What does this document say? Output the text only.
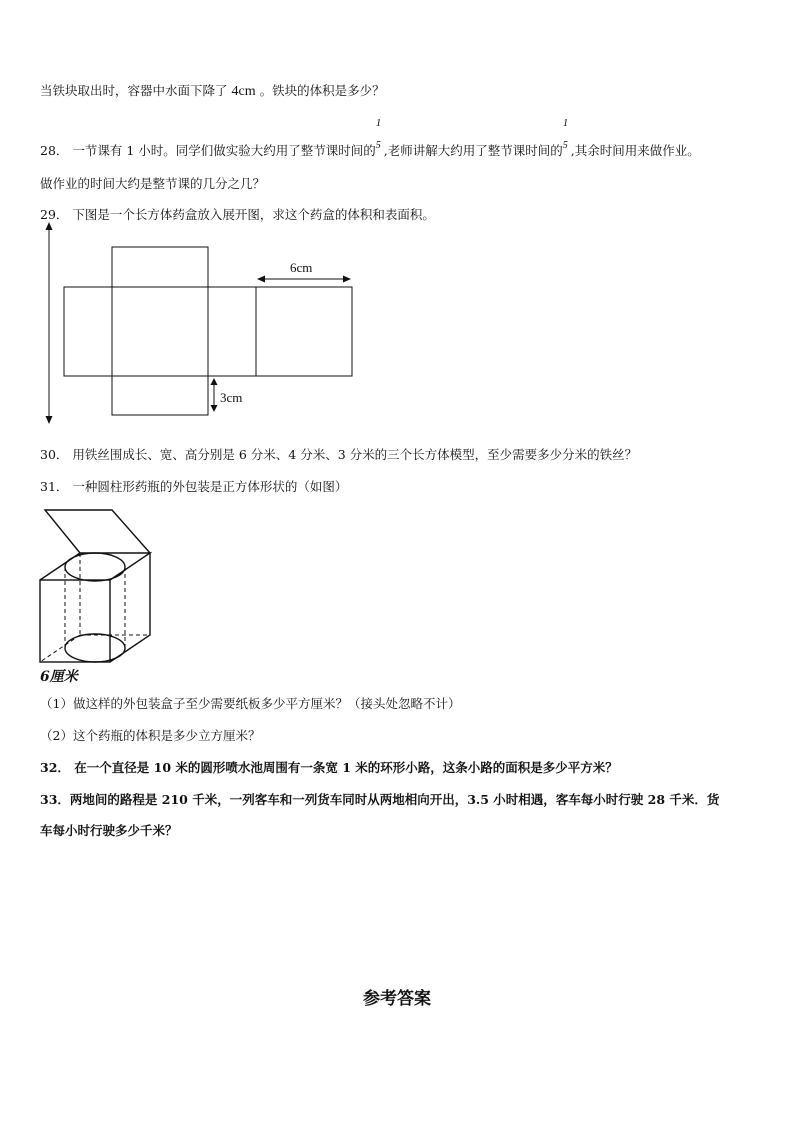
当铁块取出时，容器中水面下降了 4cm 。铁块的体积是多少？
28． 一节课有 1 小时。同学们做实验大约用了整节课时间的
1
5 ,老师讲解大约用了整节课时间的
1
5 ,其余时间用来做作业。
做作业的时间大约是整节课的几分之几？
29． 下图是一个长方体药盒放入展开图，求这个药盒的体积和表面积。
6cm
3cm
30． 用铁丝围成长、宽、高分别是 6 分米、4 分米、3 分米的三个长方体模型，至少需要多少分米的铁丝？
31． 一种圆柱形药瓶的外包装是正方体形状的（如图）
6厘米
（1）做这样的外包装盒子至少需要纸板多少平方厘米？（接头处忽略不计）
（2）这个药瓶的体积是多少立方厘米？
32． 在一个直径是 10 米的圆形喷水池周围有一条宽 1 米的环形小路，这条小路的面积是多少平方米？
33．两地间的路程是 210 千米，一列客车和一列货车同时从两地相向开出，3.5 小时相遇，客车每小时行驶 28 千米．货
车每小时行驶多少千米？
参考答案
